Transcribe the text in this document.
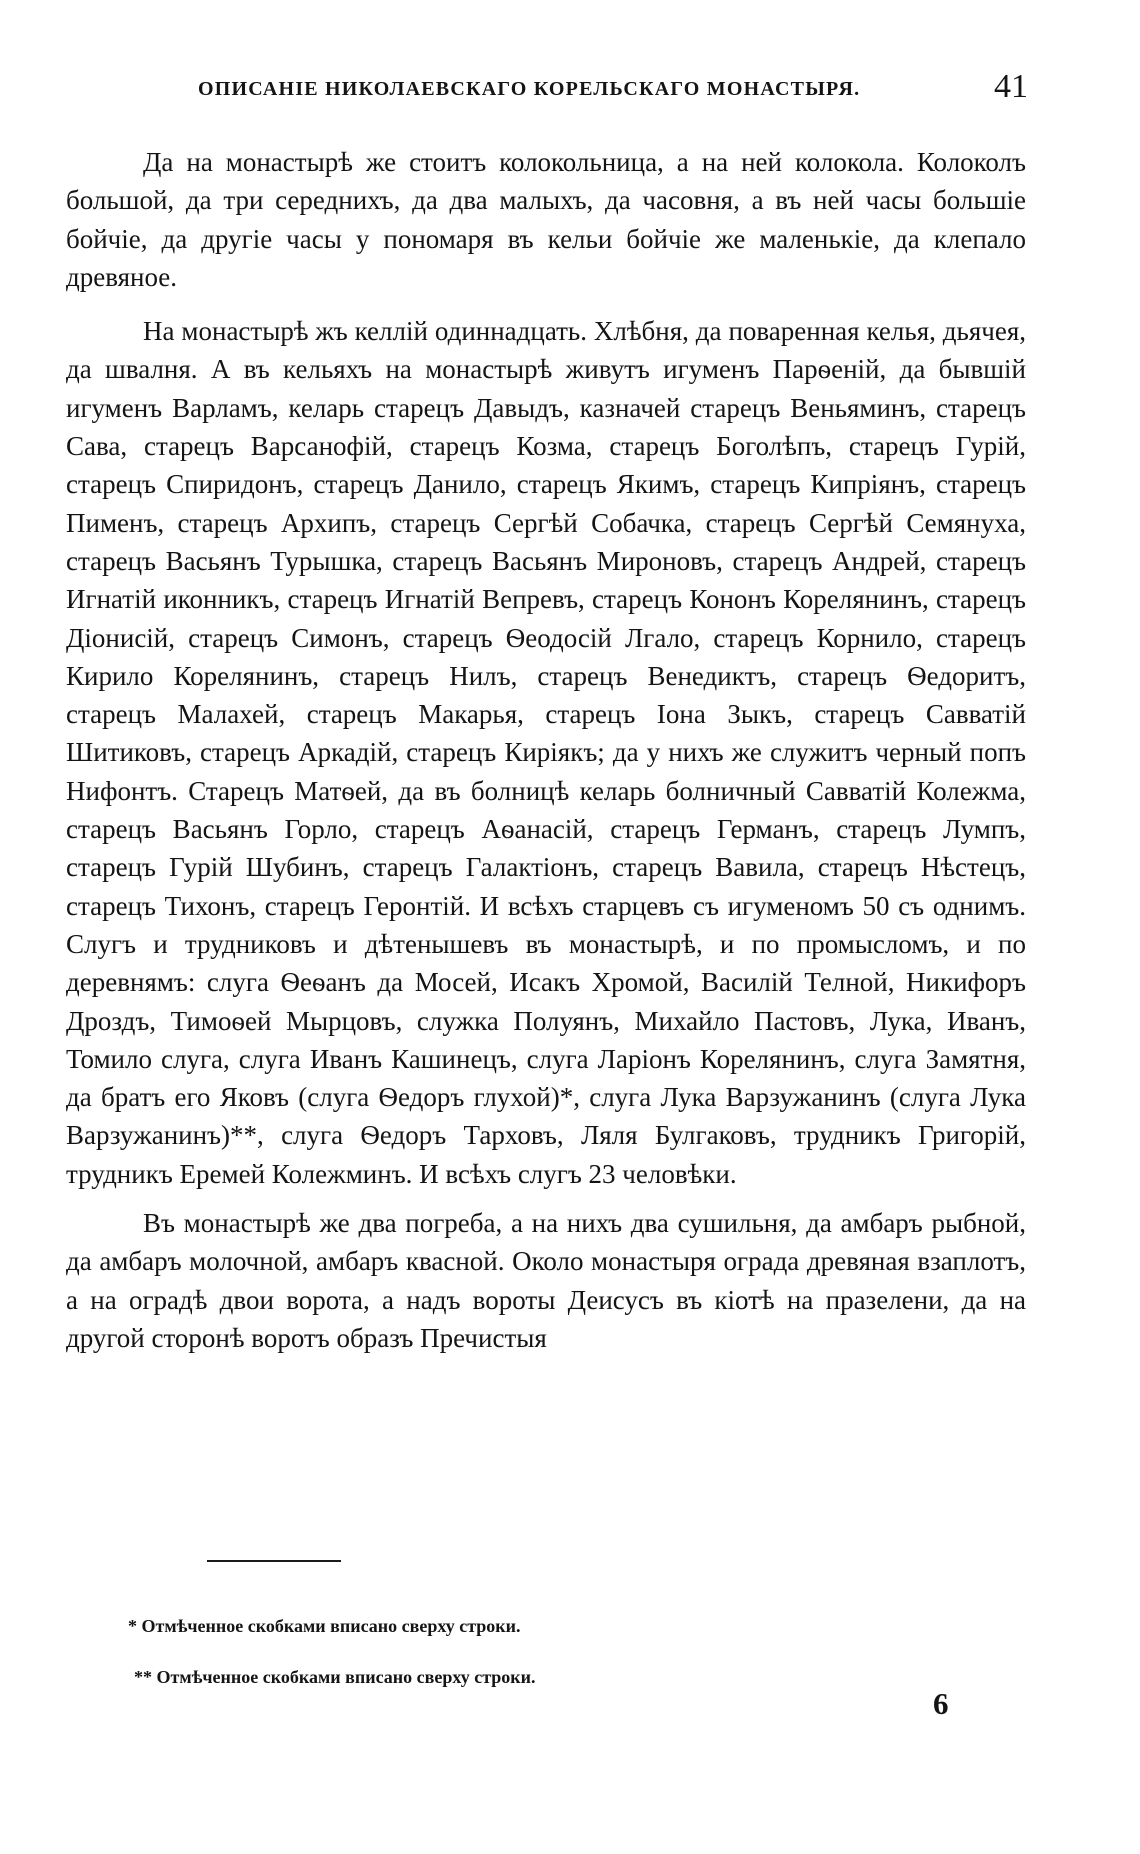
ОПИСАНІЕ НИКОЛАЕВСКАГО КОРЕЛЬСКАГО МОНАСТЫРЯ.	41

Да на монастырѣ же стоитъ колокольница, а на ней колокола. Колоколъ большой, да три середнихъ, да два малыхъ, да часовня, а въ ней часы большіе бойчіе, да другіе часы у пономаря въ кельи бойчіе же маленькіе, да клепало древяное.

На монастырѣ жъ келлій одиннадцать. Хлѣбня, да поваренная келья, дьячея, да швалня. А въ кельяхъ на монастырѣ живутъ игуменъ Парѳеній, да бывшій игуменъ Варламъ, келарь старецъ Давыдъ, казначей старецъ Веньяминъ, старецъ Сава, старецъ Варсанофій, старецъ Козма, старецъ Боголѣпъ, старецъ Гурій, старецъ Спиридонъ, старецъ Данило, старецъ Якимъ, старецъ Кипріянъ, старецъ Пименъ, старецъ Архипъ, старецъ Сергѣй Собачка, старецъ Сергѣй Семянуха, старецъ Васьянъ Турышка, старецъ Васьянъ Мироновъ, старецъ Андрей, старецъ Игнатій иконникъ, старецъ Игнатій Вепревъ, старецъ Кононъ Корелянинъ, старецъ Діонисій, старецъ Симонъ, старецъ Ѳеодосій Лгало, старецъ Корнило, старецъ Кирило Корелянинъ, старецъ Нилъ, старецъ Венедиктъ, старецъ Ѳедоритъ, старецъ Малахей, старецъ Макарья, старецъ Іона Зыкъ, старецъ Савватій Шитиковъ, старецъ Аркадій, старецъ Киріякъ; да у нихъ же служитъ черный попъ Нифонтъ. Старецъ Матѳей, да въ болницѣ келарь болничный Савватій Колежма, старецъ Васьянъ Горло, старецъ Аѳанасій, старецъ Германъ, старецъ Лумпъ, старецъ Гурій Шубинъ, старецъ Галактіонъ, старецъ Вавила, старецъ Нѣстецъ, старецъ Тихонъ, старецъ Геронтій. И всѣхъ старцевъ съ игуменомъ 50 съ однимъ. Слугъ и трудниковъ и дѣтенышевъ въ монастырѣ, и по промысломъ, и по деревнямъ: слуга Ѳеѳанъ да Мосей, Исакъ Хромой, Василій Телной, Никифоръ Дроздъ, Тимоѳей Мырцовъ, служка Полуянъ, Михайло Пастовъ, Лука, Иванъ, Томило слуга, слуга Иванъ Кашинецъ, слуга Ларіонъ Корелянинъ, слуга Замятня, да братъ его Яковъ (слуга Ѳедоръ глухой)*, слуга Лука Варзужанинъ (слуга Лука Варзужанинъ)**, слуга Ѳедоръ Тарховъ, Ляля Булгаковъ, трудникъ Григорій, трудникъ Еремей Колежминъ. И всѣхъ слугъ 23 человѣки.

Въ монастырѣ же два погреба, а на нихъ два сушильня, да амбаръ рыбной, да амбаръ молочной, амбаръ квасной. Около монастыря ограда древяная взаплотъ, а на оградѣ двои ворота, а надъ вороты Деисусъ въ кіотѣ на празелени, да на другой сторонѣ воротъ образъ Пречистыя

* Отмѣченное скобками вписано сверху строки.
** Отмѣченное скобками вписано сверху строки.
6
